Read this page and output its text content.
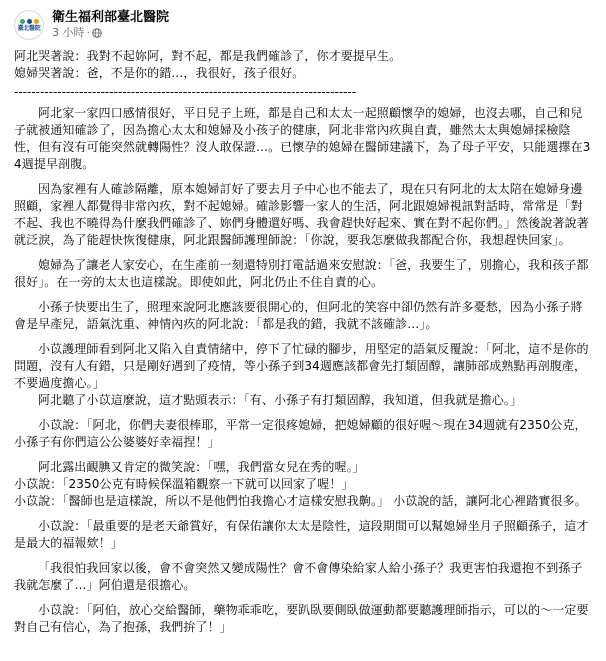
臺北醫院
衛生福利部臺北醫院
3 小時 ·

阿北哭著說：我對不起妳阿，對不起，都是我們確診了，你才要提早生。

媳婦哭著說：爸，不是你的錯…，我很好，孩子很好。

-------------------------------------------------------------------------------

阿北家一家四口感情很好，平日兒子上班，都是自己和太太一起照顧懷孕的媳婦，也沒去哪，自己和兒子就被通知確診了，因為擔心太太和媳婦及小孩子的健康，阿北非常內疚與自責，雖然太太與媳婦採檢陰性，但有沒有可能突然就轉陽性？沒人敢保證…。已懷孕的媳婦在醫師建議下，為了母子平安，只能選擇在34週提早剖腹。

因為家裡有人確診隔離，原本媳婦訂好了要去月子中心也不能去了，現在只有阿北的太太陪在媳婦身邊照顧，家裡人都覺得非常內疚，對不起媳婦。確診影響一家人的生活，阿北跟媳婦視訊對話時，常常是「對不起、我也不曉得為什麼我們確診了、妳們身體還好嗎、我會趕快好起來、實在對不起你們。」然後說著說著就泛淚，為了能趕快恢復健康，阿北跟醫師護理師說：「你說，要我怎麼做我都配合你，我想趕快回家」。

媳婦為了讓老人家安心，在生產前一刻還特別打電話過來安慰說：「爸，我要生了，別擔心，我和孩子都很好」。在一旁的太太也這樣說。即使如此，阿北仍止不住自責的心。

小孫子快要出生了，照理來說阿北應該要很開心的，但阿北的笑容中卻仍然有許多憂愁，因為小孫子將會是早產兒，語氣沈重、神情內疚的阿北說：「都是我的錯，我就不該確診…」。

小苡護理師看到阿北又陷入自責情緒中，停下了忙碌的腳步，用堅定的語氣反覆說：「阿北，這不是你的問題，沒有人有錯，只是剛好遇到了疫情，等小孫子到34週應該都會先打類固醇，讓肺部成熟點再剖腹產，不要過度擔心。」

阿北聽了小苡這麼說，這才點頭表示：「有、小孫子有打類固醇，我知道，但我就是擔心。」

小苡說：「阿北，你們夫妻很棒耶，平常一定很疼媳婦，把媳婦顧的很好喔～現在34週就有2350公克，小孫子有你們這公公婆婆好幸福捏！」

阿北露出靦腆又肯定的微笑說：「嘿，我們當女兒在秀的喔。」

小苡說：「2350公克有時候保溫箱觀察一下就可以回家了喔！」

小苡說：「醫師也是這樣說，所以不是他們怕我擔心才這樣安慰我齁。」 小苡說的話，讓阿北心裡踏實很多。

小苡說：「最重要的是老天爺賞好，有保佑讓你太太是陰性，這段期間可以幫媳婦坐月子照顧孫子，這才是最大的福報欸！」

「我很怕我回家以後，會不會突然又變成陽性？會不會傳染給家人給小孫子？我更害怕我還抱不到孫子我就怎麼了…」阿伯還是很擔心。

小苡說：「阿伯，放心交給醫師，藥物乖乖吃，要趴臥要側臥做運動都要聽護理師指示，可以的～一定要對自己有信心，為了抱孫，我們拚了！」
